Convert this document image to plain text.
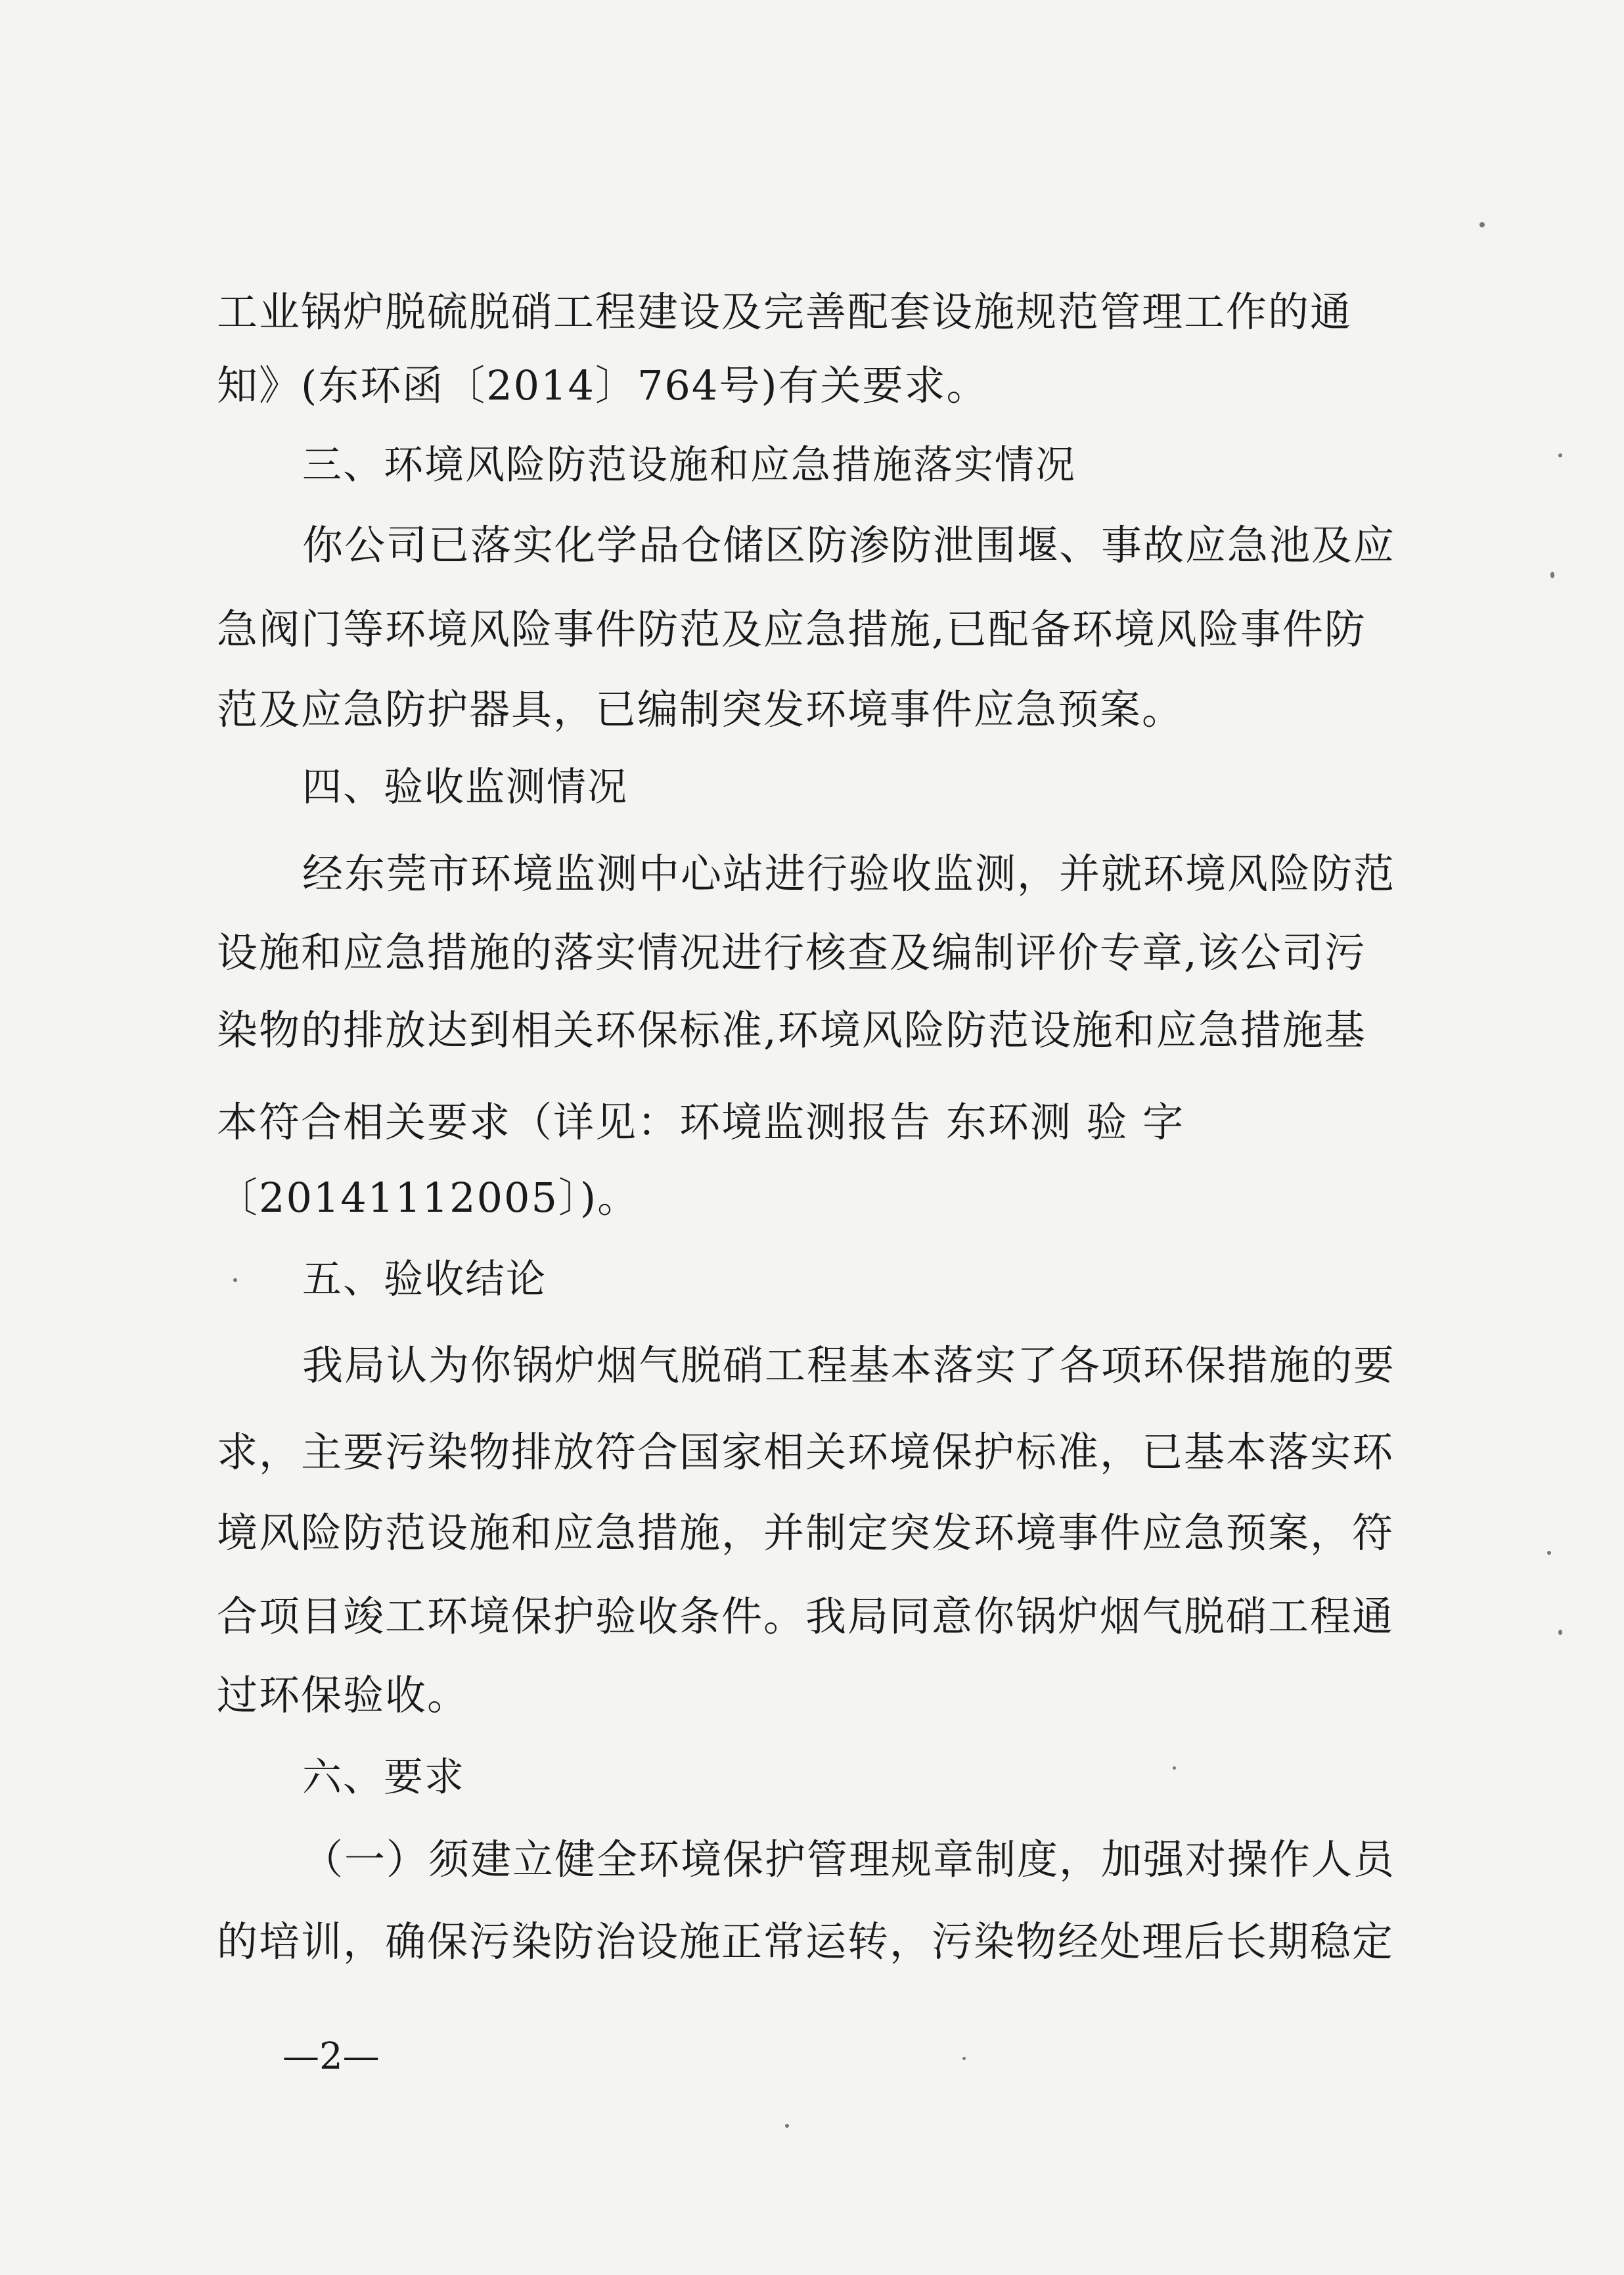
工业锅炉脱硫脱硝工程建设及完善配套设施规范管理工作的通
知》(东环函〔2014〕764号)有关要求。
三、环境风险防范设施和应急措施落实情况
你公司已落实化学品仓储区防渗防泄围堰、事故应急池及应
急阀门等环境风险事件防范及应急措施,已配备环境风险事件防
范及应急防护器具，已编制突发环境事件应急预案。
四、验收监测情况
经东莞市环境监测中心站进行验收监测，并就环境风险防范
设施和应急措施的落实情况进行核查及编制评价专章,该公司污
染物的排放达到相关环保标准,环境风险防范设施和应急措施基
本符合相关要求（详见：环境监测报告 东环测 验 字
〔20141112005〕)。
五、验收结论
我局认为你锅炉烟气脱硝工程基本落实了各项环保措施的要
求，主要污染物排放符合国家相关环境保护标准，已基本落实环
境风险防范设施和应急措施，并制定突发环境事件应急预案，符
合项目竣工环境保护验收条件。我局同意你锅炉烟气脱硝工程通
过环保验收。
六、要求
（一）须建立健全环境保护管理规章制度，加强对操作人员
的培训，确保污染防治设施正常运转，污染物经处理后长期稳定
—2—
